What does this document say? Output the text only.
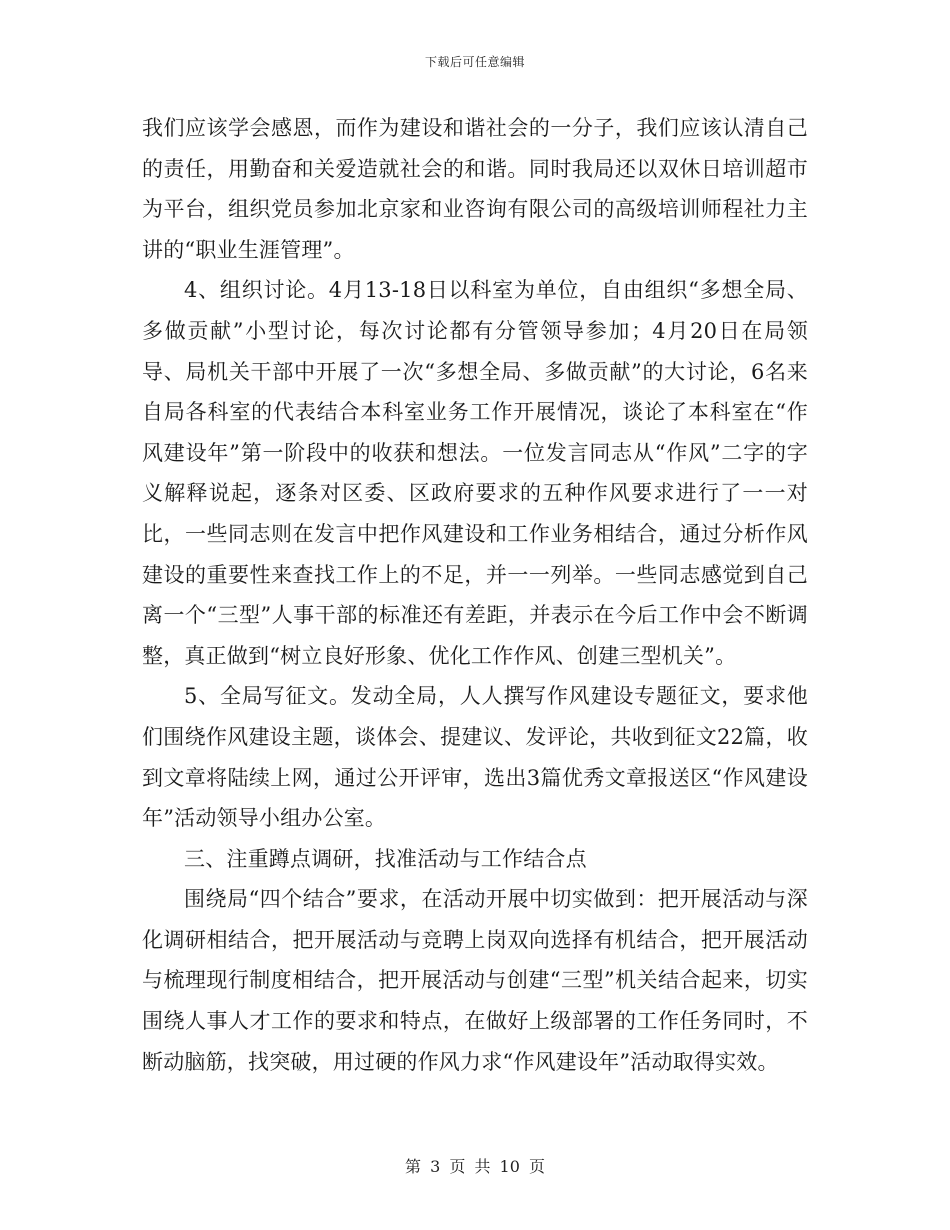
下载后可任意编辑

我们应该学会感恩，而作为建设和谐社会的一分子，我们应该认清自己的责任，用勤奋和关爱造就社会的和谐。同时我局还以双休日培训超市为平台，组织党员参加北京家和业咨询有限公司的高级培训师程社力主讲的“职业生涯管理”。

4、组织讨论。4月13-18日以科室为单位，自由组织“多想全局、多做贡献”小型讨论，每次讨论都有分管领导参加；4月20日在局领导、局机关干部中开展了一次“多想全局、多做贡献”的大讨论，6名来自局各科室的代表结合本科室业务工作开展情况，谈论了本科室在“作风建设年”第一阶段中的收获和想法。一位发言同志从“作风”二字的字义解释说起，逐条对区委、区政府要求的五种作风要求进行了一一对比，一些同志则在发言中把作风建设和工作业务相结合，通过分析作风建设的重要性来查找工作上的不足，并一一列举。一些同志感觉到自己离一个“三型”人事干部的标准还有差距，并表示在今后工作中会不断调整，真正做到“树立良好形象、优化工作作风、创建三型机关”。

5、全局写征文。发动全局，人人撰写作风建设专题征文，要求他们围绕作风建设主题，谈体会、提建议、发评论，共收到征文22篇，收到文章将陆续上网，通过公开评审，选出3篇优秀文章报送区“作风建设年”活动领导小组办公室。

三、注重蹲点调研，找准活动与工作结合点

围绕局“四个结合”要求，在活动开展中切实做到：把开展活动与深化调研相结合，把开展活动与竞聘上岗双向选择有机结合，把开展活动与梳理现行制度相结合，把开展活动与创建“三型”机关结合起来，切实围绕人事人才工作的要求和特点，在做好上级部署的工作任务同时，不断动脑筋，找突破，用过硬的作风力求“作风建设年”活动取得实效。

第 3 页 共 10 页
